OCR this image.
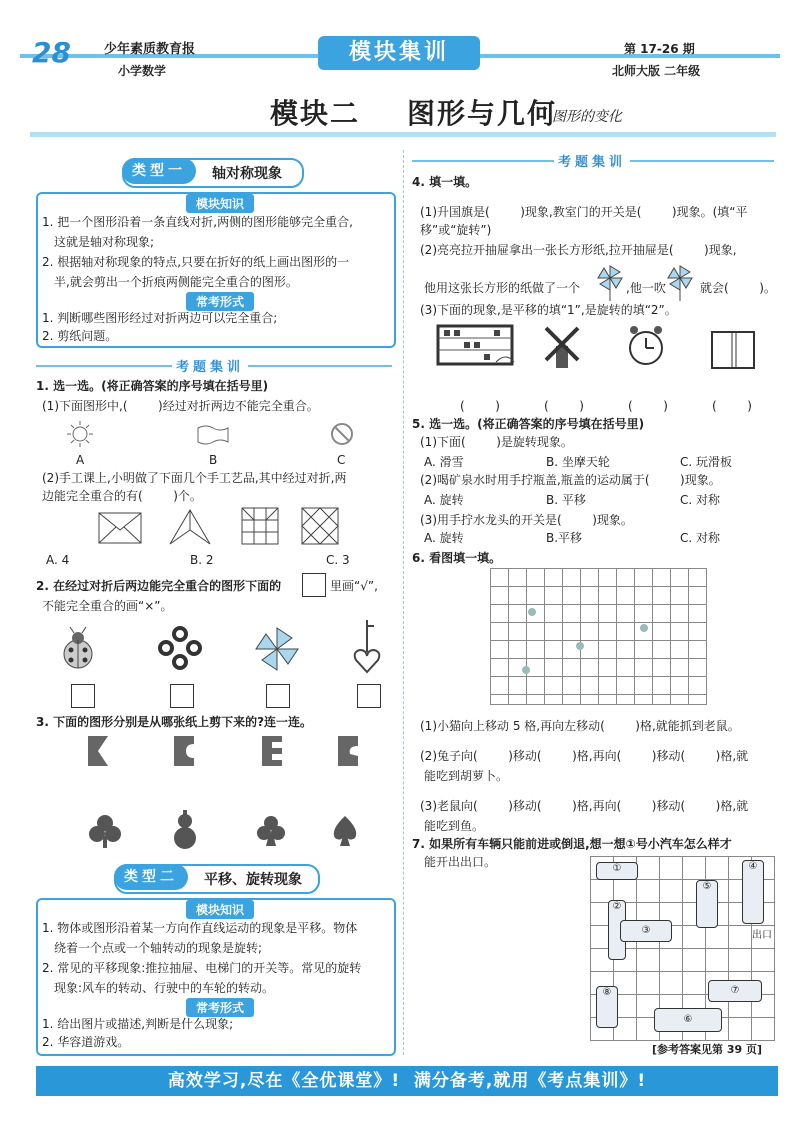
28	少年素质教育报
小学数学
模块集训	第 17-26 期
北师大版 二年级
模块二    图形与几何
图形的变化
类型一	轴对称现象
模块知识
1. 把一个图形沿着一条直线对折,两侧的图形能够完全重合,
这就是轴对称现象;
2. 根据轴对称现象的特点,只要在折好的纸上画出图形的一
半,就会剪出一个折痕两侧能完全重合的图形。
常考形式
1. 判断哪些图形经过对折两边可以完全重合;
2. 剪纸问题。
考题集训
1. 选一选。(将正确答案的序号填在括号里)
(1)下面图形中,(        )经过对折两边不能完全重合。
A	B	C
(2)手工课上,小明做了下面几个手工艺品,其中经过对折,两
边能完全重合的有(        )个。
A. 4	B. 2	C. 3
2. 在经过对折后两边能完全重合的图形下面的	里画“√”,
不能完全重合的画“×”。
3. 下面的图形分别是从哪张纸上剪下来的?连一连。
类型二	平移、旋转现象
模块知识
1. 物体或图形沿着某一方向作直线运动的现象是平移。物体
绕着一个点或一个轴转动的现象是旋转;
2. 常见的平移现象:推拉抽屉、电梯门的开关等。常见的旋转
现象:风车的转动、行驶中的车轮的转动。
常考形式
1. 给出图片或描述,判断是什么现象;
2. 华容道游戏。
考题集训
4. 填一填。
(1)升国旗是(        )现象,教室门的开关是(        )现象。(填“平
移”或“旋转”)
(2)亮亮拉开抽屉拿出一张长方形纸,拉开抽屉是(        )现象,
他用这张长方形的纸做了一个	,他一吹	就会(        )。
(3)下面的现象,是平移的填“1”,是旋转的填“2”。
(        )	(        )	(        )	(        )
5. 选一选。(将正确答案的序号填在括号里)
(1)下面(        )是旋转现象。
A. 滑雪	B. 坐摩天轮	C. 玩滑板
(2)喝矿泉水时用手拧瓶盖,瓶盖的运动属于(        )现象。
A. 旋转	B. 平移	C. 对称
(3)用手拧水龙头的开关是(        )现象。
A. 旋转	B.平移	C. 对称
6. 看图填一填。
(1)小猫向上移动 5 格,再向左移动(        )格,就能抓到老鼠。
(2)兔子向(        )移动(        )格,再向(        )移动(        )格,就
能吃到胡萝卜。
(3)老鼠向(        )移动(        )格,再向(        )移动(        )格,就
能吃到鱼。
7. 如果所有车辆只能前进或倒退,想一想①号小汽车怎么样才
能开出出口。	①
②
③
④
⑤
⑥
⑦
⑧
出口
[参考答案见第 39 页]
高效学习,尽在《全优课堂》!  满分备考,就用《考点集训》!
